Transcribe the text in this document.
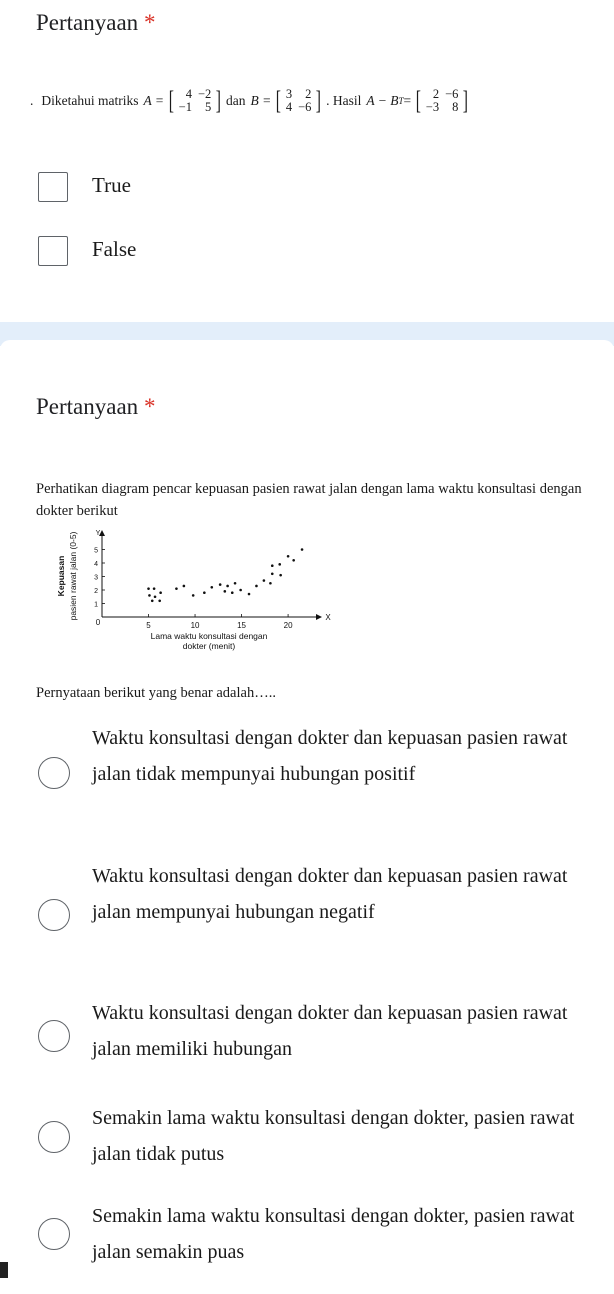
Pertanyaan *
. Diketahui matriks A = [ 4	−2
−1	5 ] dan B = [ 3	2
4	−6 ] . Hasil A − B T = [ 2	−6
−3	8 ]
True
False
Pertanyaan *
Perhatikan diagram pencar kepuasan pasien rawat jalan dengan lama waktu konsultasi dengan dokter berikut
X
Y
0	5	10	15	20
1
2
3
4
5
Lama waktu konsultasi dengan
dokter (menit)
Kepuasan pasien rawat jalan (0-5)
Pernyataan berikut yang benar adalah…..
Waktu konsultasi dengan dokter dan kepuasan pasien rawat jalan tidak mempunyai hubungan positif
Waktu konsultasi dengan dokter dan kepuasan pasien rawat jalan mempunyai hubungan negatif
Waktu konsultasi dengan dokter dan kepuasan pasien rawat jalan memiliki hubungan
Semakin lama waktu konsultasi dengan dokter, pasien rawat jalan tidak putus
Semakin lama waktu konsultasi dengan dokter, pasien rawat jalan semakin puas
